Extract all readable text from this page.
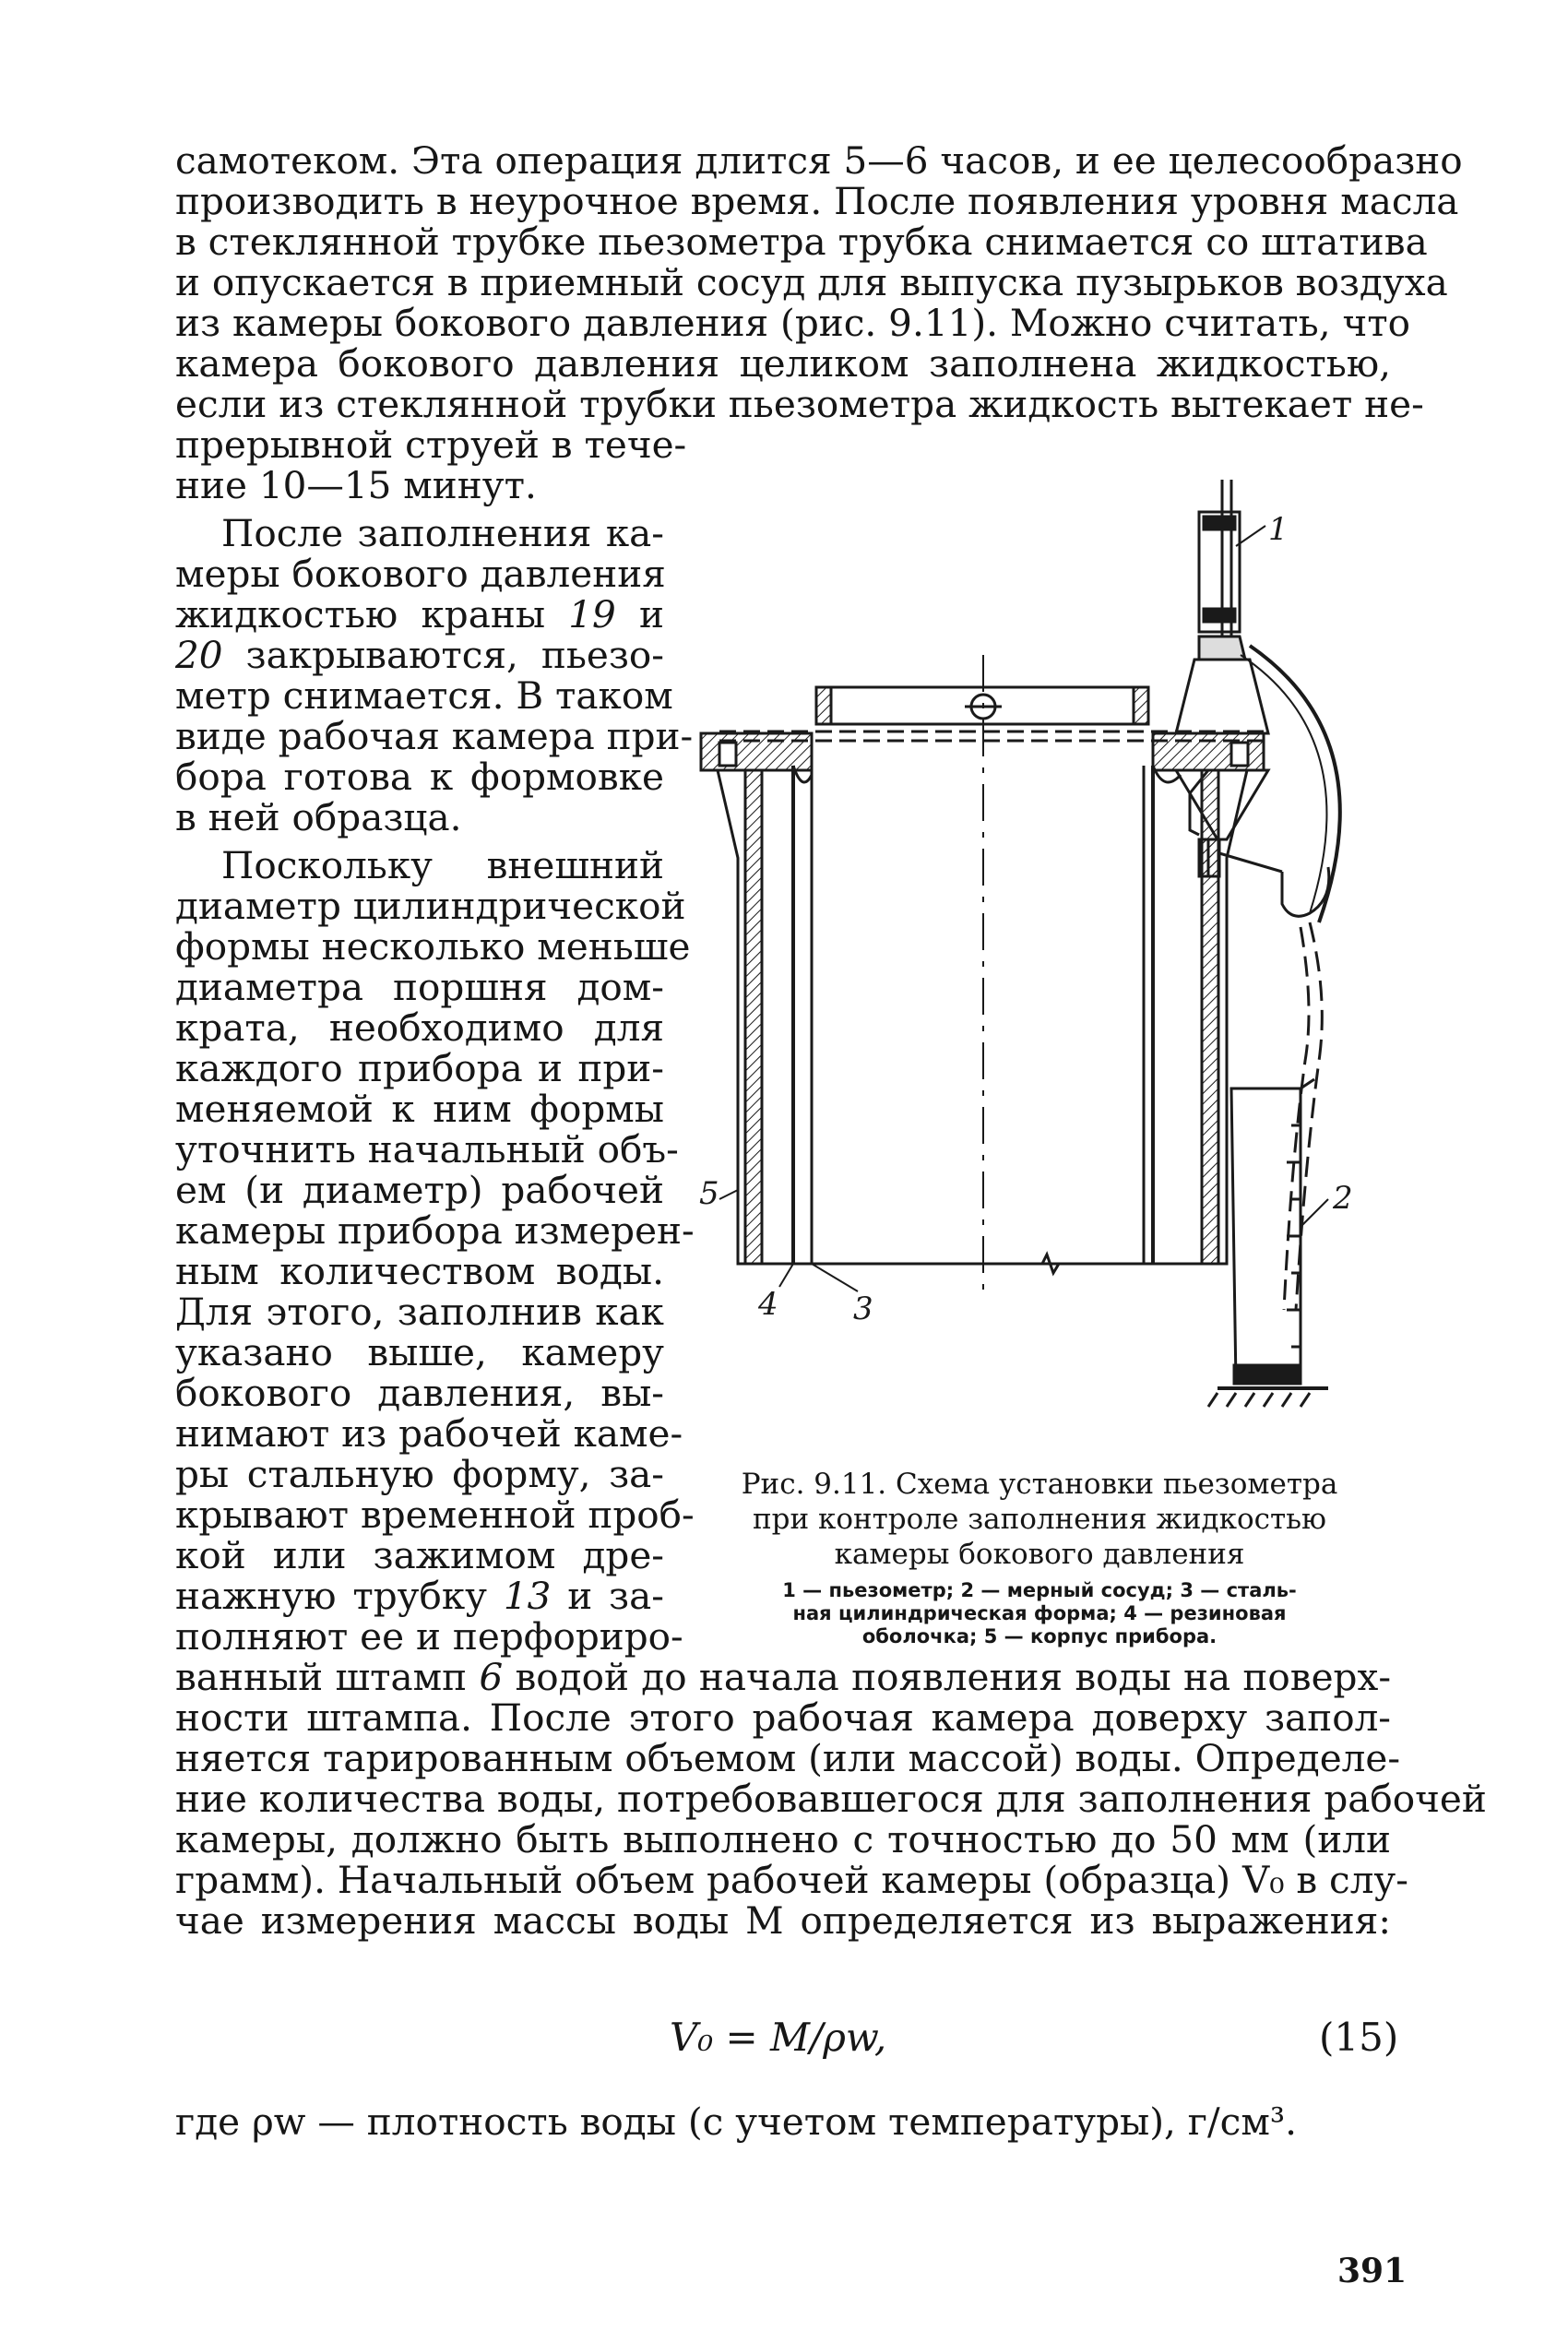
самотеком. Эта операция длится 5—6 часов, и ее целесообразно
производить в неурочное время. После появления уровня масла
в стеклянной трубке пьезометра трубка снимается со штатива
и опускается в приемный сосуд для выпуска пузырьков воздуха
из камеры бокового давления (рис. 9.11). Можно считать, что
камера бокового давления целиком заполнена жидкостью,
если из стеклянной трубки пьезометра жидкость вытекает не-
прерывной струей в тече-
ние 10—15 минут.
После заполнения ка-
меры бокового давления
жидкостью краны 19 и
20 закрываются, пьезо-
метр снимается. В таком
виде рабочая камера при-
бора готова к формовке
в ней образца.
Поскольку внешний
диаметр цилиндрической
формы несколько меньше
диаметра поршня дом-
крата, необходимо для
каждого прибора и при-
меняемой к ним формы
уточнить начальный объ-
ем (и диаметр) рабочей
камеры прибора измерен-
ным количеством воды.
Для этого, заполнив как
указано выше, камеру
бокового давления, вы-
нимают из рабочей каме-
ры стальную форму, за-
крывают временной проб-
кой или зажимом дре-
нажную трубку 13 и за-
полняют ее и перфориро-
ванный штамп 6 водой до начала появления воды на поверх-
ности штампа. После этого рабочая камера доверху запол-
няется тарированным объемом (или массой) воды. Определе-
ние количества воды, потребовавшегося для заполнения рабочей
камеры, должно быть выполнено с точностью до 50 мм (или
грамм). Начальный объем рабочей камеры (образца) V₀ в слу-
чае измерения массы воды М определяется из выражения:
V₀ = M/ρw,	(15)
где ρw — плотность воды (с учетом температуры), г/см³.
391
1
2
3
4
5
Рис. 9.11. Схема установки пьезометра
при контроле заполнения жидкостью
камеры бокового давления
1 — пьезометр; 2 — мерный сосуд; 3 — сталь-
ная цилиндрическая форма; 4 — резиновая
оболочка; 5 — корпус прибора.
